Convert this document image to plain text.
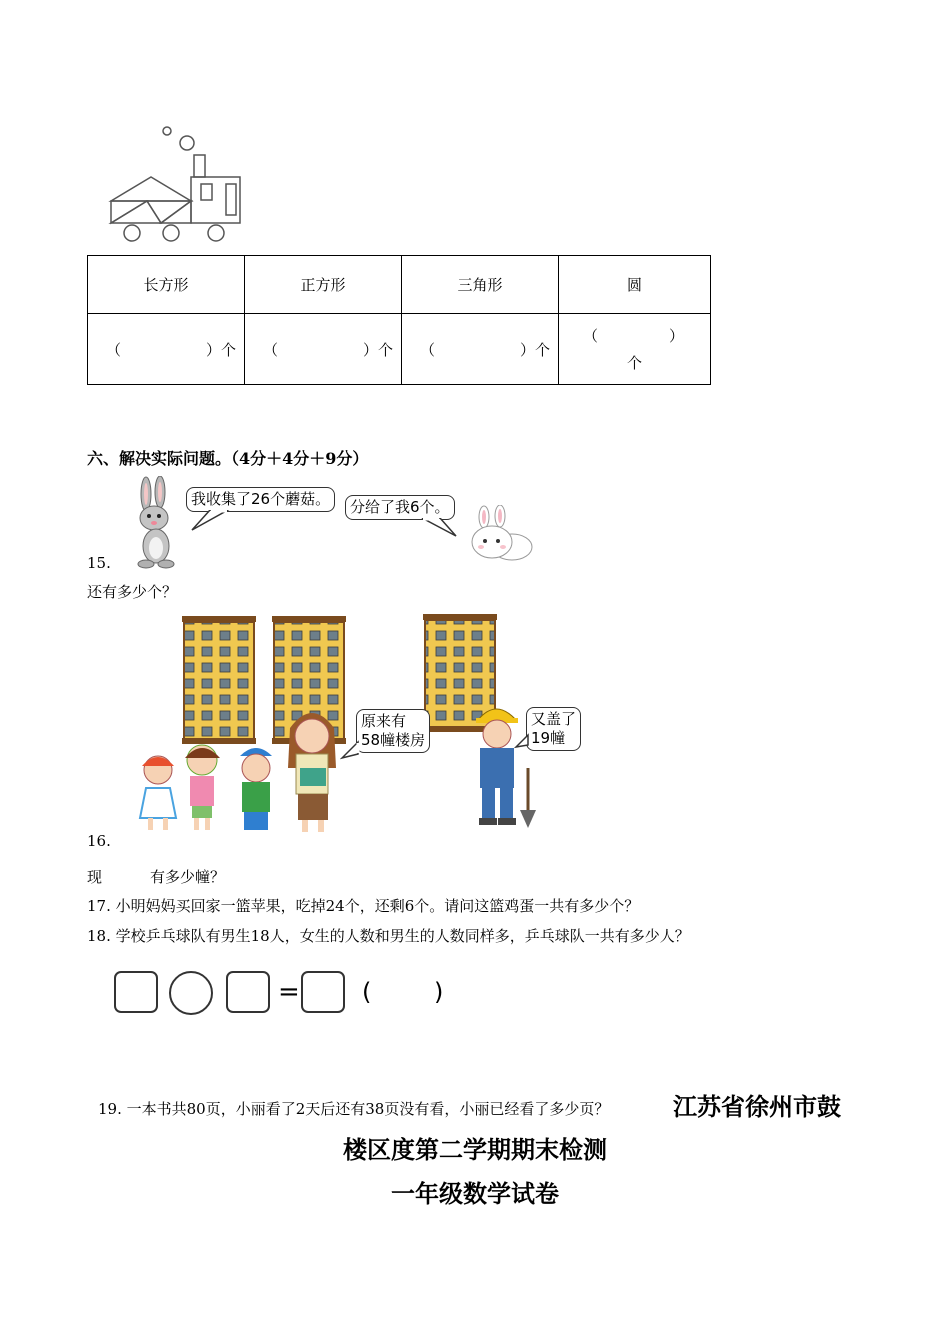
长方形	正方形	三角形	圆

（ ）个	（ ）个	（ ）个	（ ）
个
六、解决实际问题。（4分＋4分＋9分）
我收集了26个蘑菇。	分给了我6个。
15.
还有多少个？
原来有
58幢楼房
又盖了
19幢
16.
现	有多少幢？
17. 小明妈妈买回家一篮苹果，吃掉24个，还剩6个。请问这篮鸡蛋一共有多少个？
18. 学校乒乓球队有男生18人，女生的人数和男生的人数同样多，乒乓球队一共有多少人？
=	(	)
19. 一本书共80页，小丽看了2天后还有38页没有看，小丽已经看了多少页？	江苏省徐州市鼓
楼区度第二学期期末检测
一年级数学试卷
